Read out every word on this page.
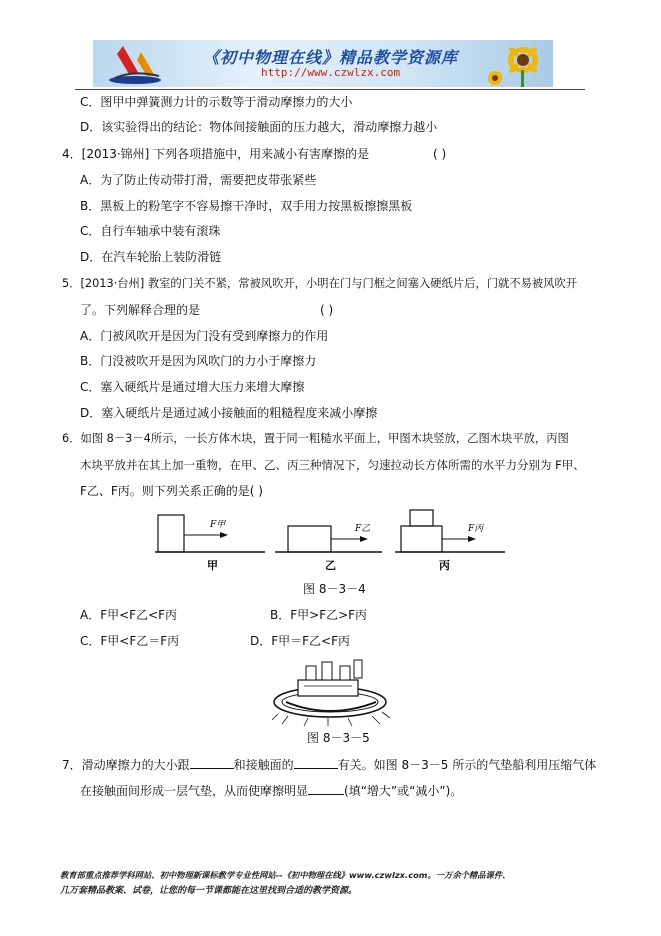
《初中物理在线》精品教学资源库
http://www.czwlzx.com
C．图甲中弹簧测力计的示数等于滑动摩擦力的大小
D．该实验得出的结论：物体间接触面的压力越大，滑动摩擦力越小
4．[2013·锦州] 下列各项措施中，用来减小有害摩擦的是	( )
A．为了防止传动带打滑，需要把皮带张紧些
B．黑板上的粉笔字不容易擦干净时，双手用力按黑板擦擦黑板
C．自行车轴承中装有滚珠
D．在汽车轮胎上装防滑链
5．[2013·台州] 教室的门关不紧，常被风吹开，小明在门与门框之间塞入硬纸片后，门就不易被风吹开
了。下列解释合理的是	( )
A．门被风吹开是因为门没有受到摩擦力的作用
B．门没被吹开是因为风吹门的力小于摩擦力
C．塞入硬纸片是通过增大压力来增大摩擦
D．塞入硬纸片是通过减小接触面的粗糙程度来减小摩擦
6．如图 8－3－4所示，一长方体木块，置于同一粗糙水平面上，甲图木块竖放，乙图木块平放，丙图
木块平放并在其上加一重物，在甲、乙、丙三种情况下，匀速拉动长方体所需的水平力分别为 F甲、
F乙、F丙。则下列关系正确的是( )
F甲	F乙	F丙
甲	乙	丙
图 8－3－4
A．F甲<F乙<F丙	B．F甲>F乙>F丙
C．F甲<F乙＝F丙	D．F甲＝F乙<F丙
图 8－3－5
7．滑动摩擦力的大小跟	和接触面的	有关。如图 8－3－5 所示的气垫船利用压缩气体
在接触面间形成一层气垫，从而使摩擦明显	(填“增大”或“减小”)。
教育部重点推荐学科网站、初中物理新课标教学专业性网站--《初中物理在线》www.czwlzx.com。一万余个精品课件、
几万套精品教案、试卷，让您的每一节课都能在这里找到合适的教学资源。
